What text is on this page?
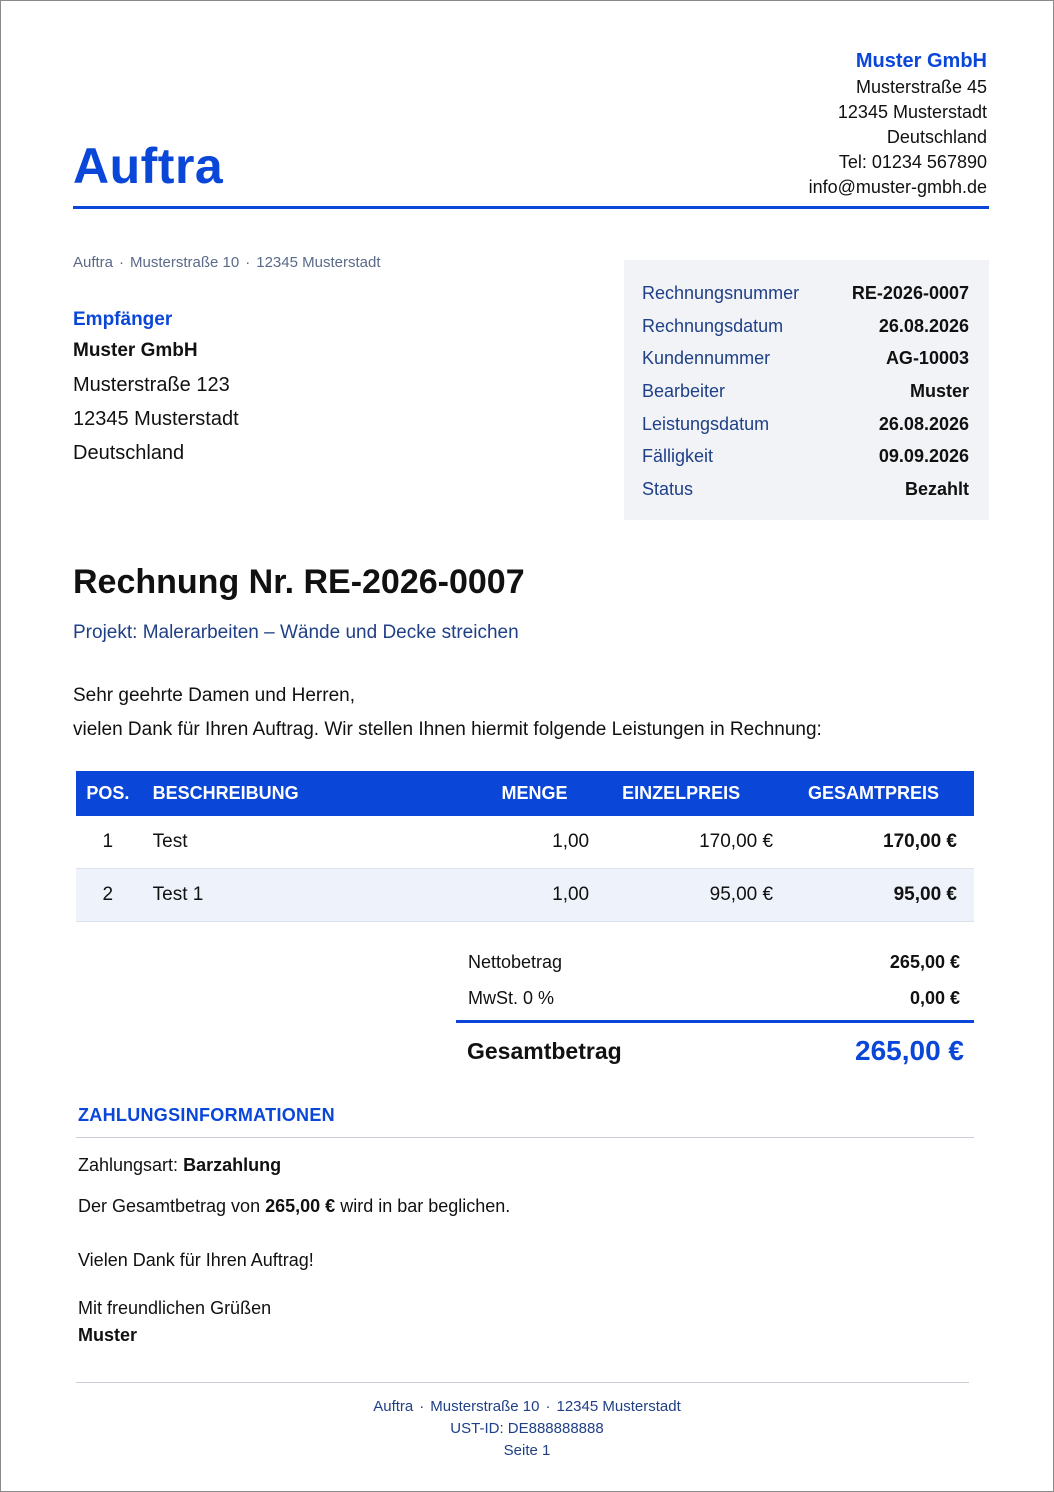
Auftra
Muster GmbH
Musterstraße 45
12345 Musterstadt
Deutschland
Tel: 01234 567890
info@muster-gmbh.de
Auftra · Musterstraße 10 · 12345 Musterstadt
Empfänger
Muster GmbH
Musterstraße 123
12345 Musterstadt
Deutschland
Rechnungsnummer	RE-2026-0007
Rechnungsdatum	26.08.2026
Kundennummer	AG-10003
Bearbeiter	Muster
Leistungsdatum	26.08.2026
Fälligkeit	09.09.2026
Status	Bezahlt
Rechnung Nr. RE-2026-0007
Projekt: Malerarbeiten – Wände und Decke streichen
Sehr geehrte Damen und Herren,
vielen Dank für Ihren Auftrag. Wir stellen Ihnen hiermit folgende Leistungen in Rechnung:
POS.	BESCHREIBUNG	MENGE	EINZELPREIS	GESAMTPREIS
1	Test	1,00	170,00 €	170,00 €
2	Test 1	1,00	95,00 €	95,00 €
Nettobetrag	265,00 €
MwSt. 0 %	0,00 €
Gesamtbetrag	265,00 €
ZAHLUNGSINFORMATIONEN
Zahlungsart: Barzahlung
Der Gesamtbetrag von 265,00 € wird in bar beglichen.
Vielen Dank für Ihren Auftrag!
Mit freundlichen Grüßen
Muster
Auftra · Musterstraße 10 · 12345 Musterstadt
UST-ID: DE888888888
Seite 1
